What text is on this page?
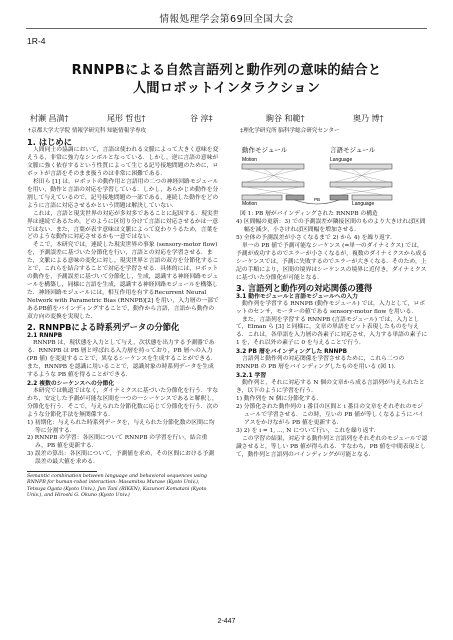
情報処理学会第69回全国大会
1R-4
RNNPBによる自然言語列と動作列の意味的結合と
人間ロボットインタラクション
村瀬 昌満†	尾形 哲也†	谷 淳‡	駒谷 和範†	奥乃 博†
†京都大学大学院 情報学研究科 知能情報学専攻	‡理化学研究所 脳科学総合研究センター

1. はじめに

人間同士の協調において，言語は使われる文脈によって大きく意味を変えうる，非常に強力なシンボルとなっている．しかし，逆に言語の意味が文脈に強く依存するという性質によって生じる記号接地問題のために，ロボットが言語をそのまま扱うのは非常に困難である．

杉田ら [1] は，ロボットの動作用と言語用の二つの神経回路モジュールを用い，動作と言語の対応を学習している．しかし，あらかじめ動作を分割して与えているので，記号接地問題の一部である，連続した動作をどのように言語に対応させるかという問題は解決していない．

これは，言語と現実世界の対応が多対多であることに起因する．現実世界は連続であるため，どのように区切り分けて言語に対応させるかは一意ではない．また，言葉が表す意味は文脈によって変わりうるため，言葉をどのような動作に対応させるかも一意ではない．

そこで，本研究では，連続した現実世界の事象 (sensory-motor flow) を，予測誤差に基づいた分節化を行い，言語との対応を学習させる．また，文脈による意味の変化に対し，現実世界と言語の双方を分節化することで，これらを結合することで対応を学習させる．具体的には，ロボットの動作を，予測誤差に基づいて分節化し，生成，認識する神経回路モジュールを構築し，同様に言語を生成，認識する神経回路モジュールを構築した．神経回路モジュールには，相互作用を有するRecurrent Neural Network with Parametric Bias (RNNPB)[2] を用い，入力層の一部であるPB値をバインディングすることで，動作から言語，言語から動作の双方向の変換を実現した．

2. RNNPBによる時系列データの分節化

2.1 RNNPB

RNNPB は，現状態を入力として与え，次状態を出力する予測器である．RNNPB は PB 層と呼ばれる入力層を持っており，PB 層への入力 (PB 値) を変更することで，異なるシーケンスを生成することができる．また，RNNPB を認識に用いることで，認識対象の時系列データを生成するような PB 値を得ることができる．

2.2 複数のシーケンスへの分節化

本研究では軌道ではなく，ダイナミクスに基づいた分節化を行う．すなわち，安定した予測が可能な区間を一つの一シーケンスであると解釈し，分節化を行う．そこで，与えられた分節化数に応じて分節化を行う．次のような分節化手法を無関係する．

1) 初期化：与えられた時系列データを，与えられた分節化数の区間に均等に分割する．

2) RNNPB の学習：各区間について RNNPB の学習を行い，結合重み，PB 値を更新する．

3) 誤差の算出：各区間について，予測値を求め，その区間における予測誤差の最大値を求める．

Semantic combination between language and behavioral sequences using RNNPB for human-robot interaction: Masamitsu Murase (Kyoto Univ.), Tetsuya Ogata (Kyoto Univ.), Jun Tani (RIKEN), Kazunori Komatani (Kyoto Univ.), and Hiroshi G. Okuno (Kyoto Univ.)

動作モジュール	言語モジュール
Motion	Language
Motion
PB
Language
図 1: PB 層がバインディングされた RNNPB の構造

4) 区間幅の更新：3) での予測誤差が隣接区間のものより大きければ区間幅を減少，小さければ区間幅を増加させる．

5) 全体の予測誤差が小さくなるまで 2) から 4) を繰り返す．

単一の PB 値で予測可能なシーケンス (=単一のダイナミクス) では，予測が成功するのでエラーが小さくなるが，複数のダイナミクスから成るシーケンスでは，予測に失敗するのでエラーが大きくなる．そのため，上記の手順により，区間の境界はシーケンスの境界に近付き，ダイナミクスに基づいた分節化が可能となる．

3. 言語列と動作列の対応関係の獲得

3.1 動作モジュールと言語モジュールへの入力

動作列を学習する RNNPB (動作モジュール) では，入力として，ロボットのセンサ，モーターの値である sensory-motor flow を用いる．

また，言語列を学習する RNNPB (言語モジュール) では，入力として，Elman ら [3] と同様に，文章の単語をビット表現したものを与える．これは，各単語を入力層の各素子に対応させ，入力する単語の素子に 1 を，それ以外の素子に 0 を与えることで行う．

3.2 PB 層をバインディングした RNNPB

言語列と動作列の対応関係を学習させるために，これら二つの RNNPB の PB 層をバインディングしたものを用いる (図 1)．

3.2.1 学習

動作列と，それに対応する N 個の文章から成る言語列が与えられたとき，以下のように学習を行う．

1) 動作列を N 個に分節化する．

2) 分節化された動作列の i 番目の区間と i 番目の文章をそれぞれのモジュールで学習させる．この時，互いの PB 値が等しくなるようにバイアスをかけながら PB 値を更新する．

3) 2) を i = 1, ..., N について行い，これを繰り返す．

この学習の結果，対応する動作列と言語列をそれぞれのモジュールで認識させると，等しい PB 値が得られる．すなわち，PB 値を中間表現として，動作列と言語列のバインディングが可能となる．

2-447
